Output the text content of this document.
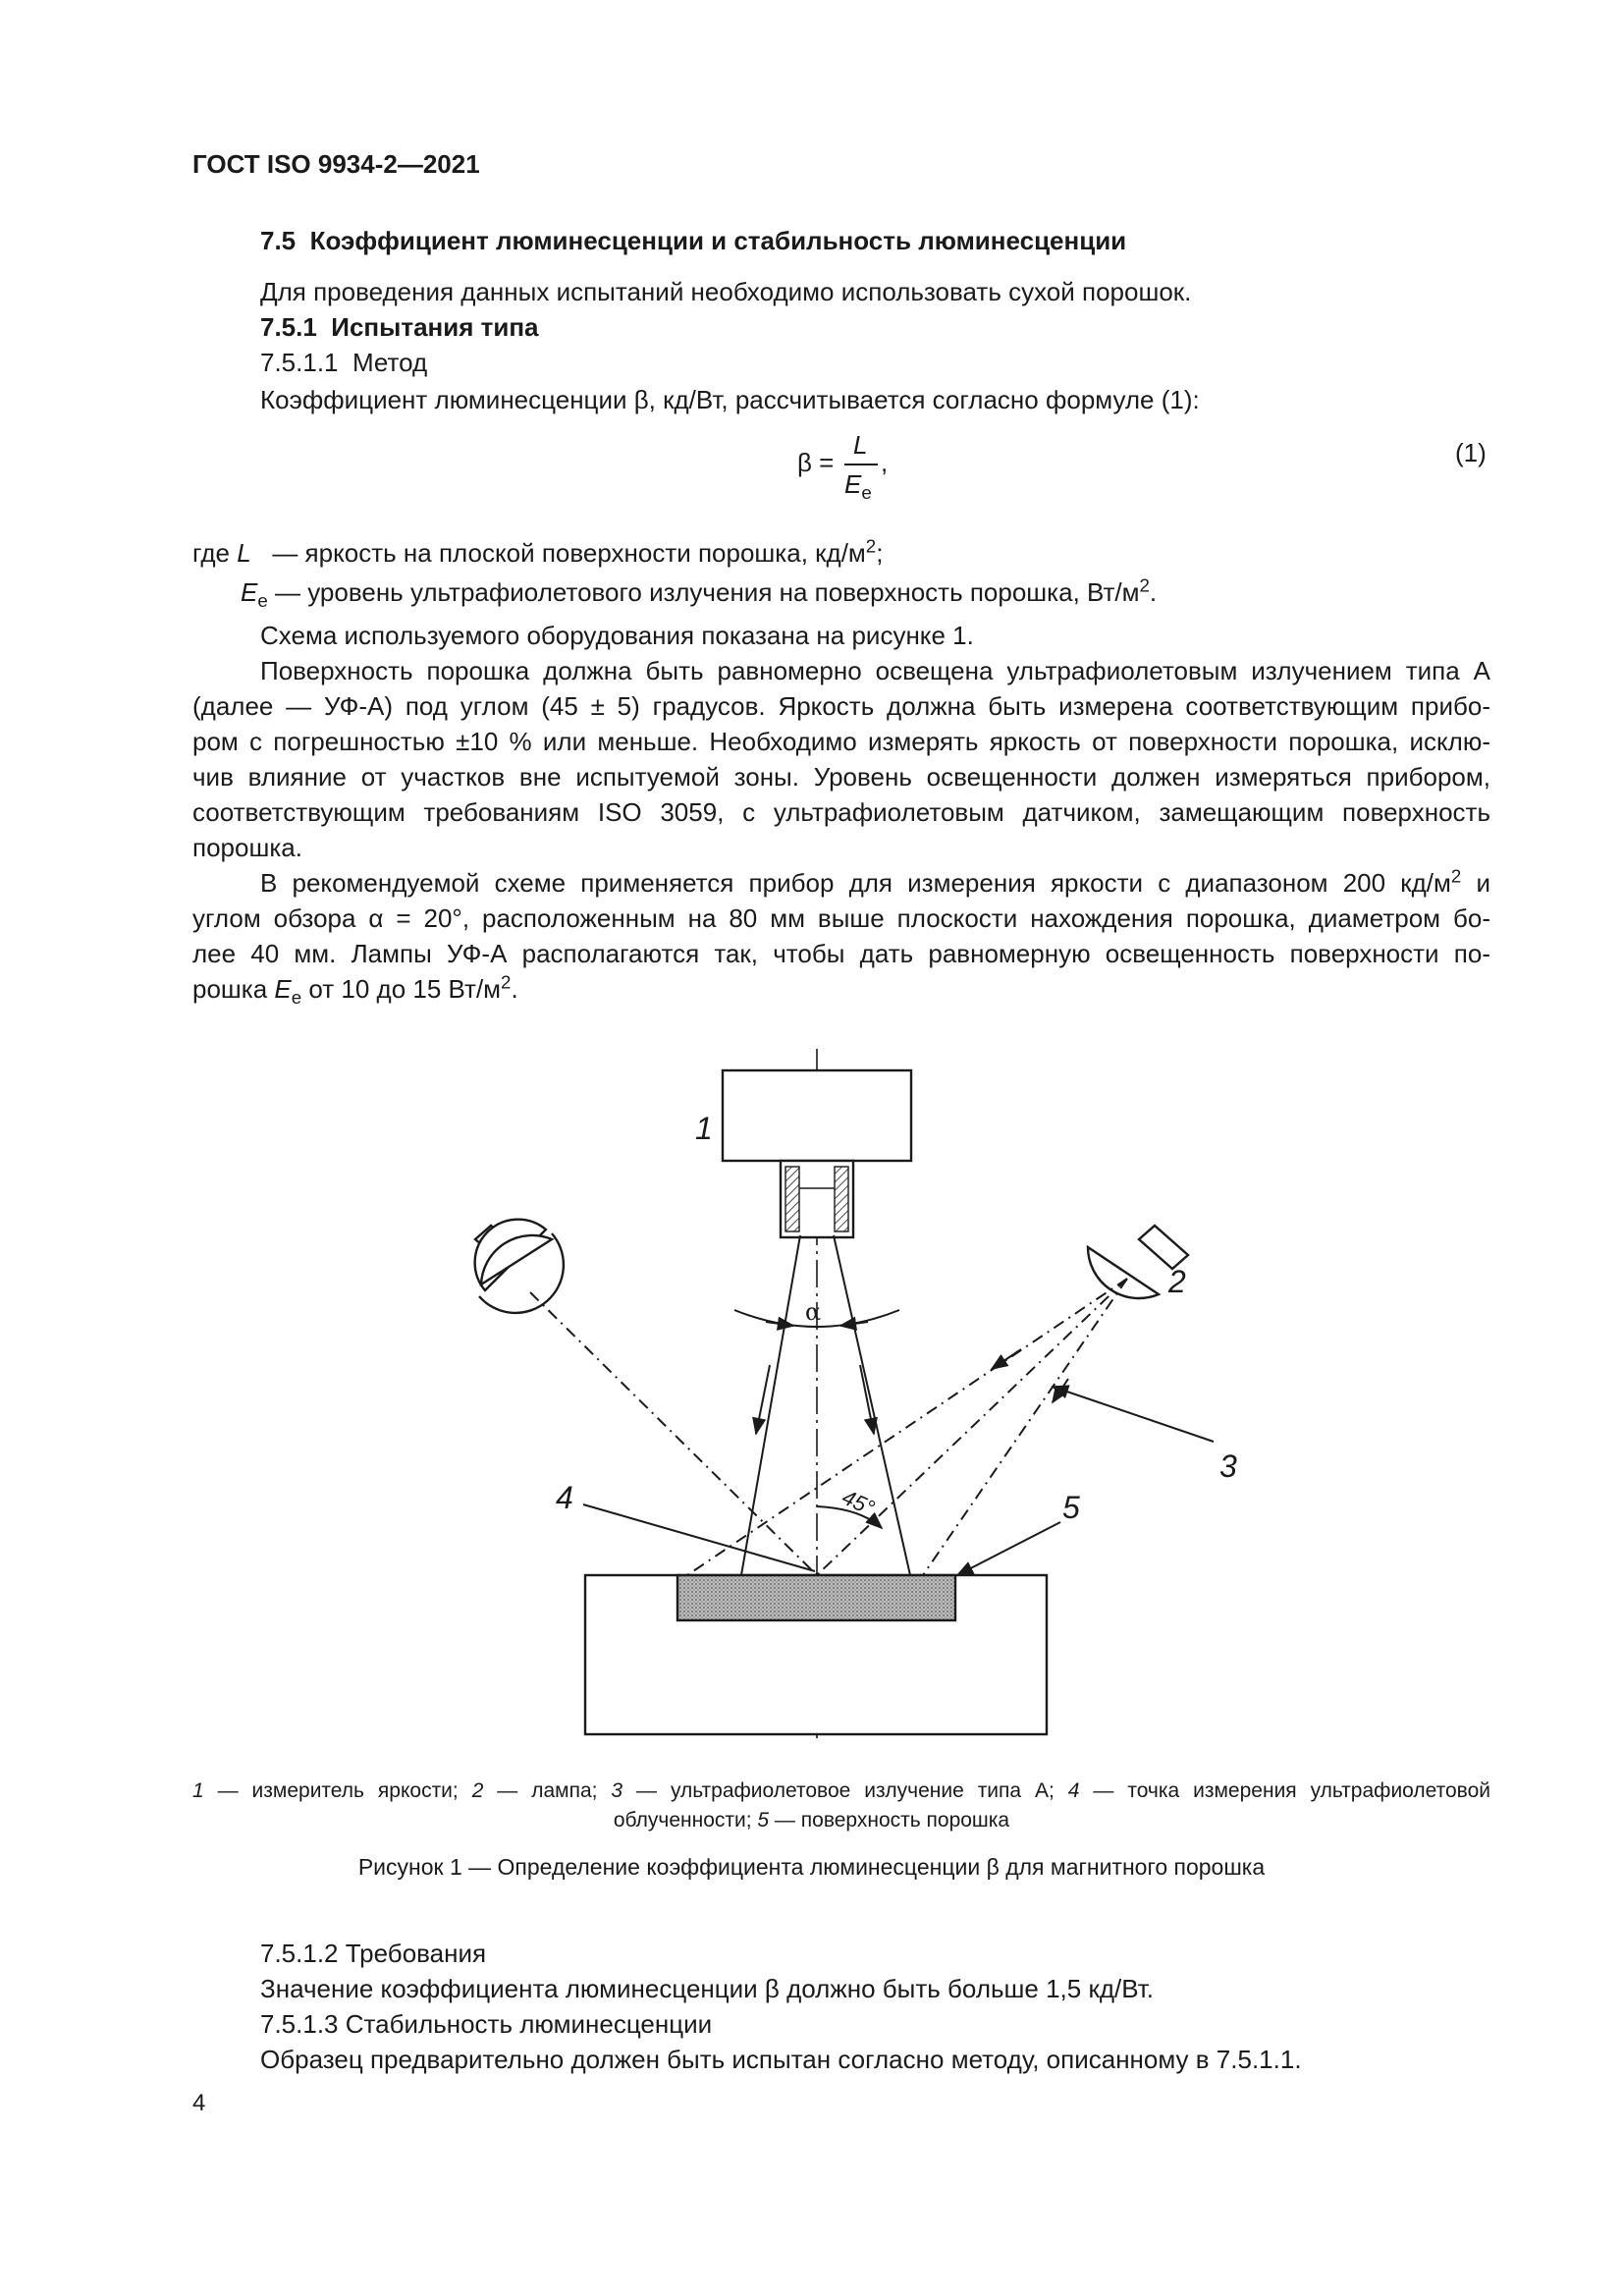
ГОСТ ISO 9934-2—2021

7.5 Коэффициент люминесценции и стабильность люминесценции

Для проведения данных испытаний необходимо использовать сухой порошок.

7.5.1 Испытания типа

7.5.1.1 Метод

Коэффициент люминесценции β, кд/Вт, рассчитывается согласно формуле (1):

β =
L
$E_e$
,	(1)

где L — яркость на плоской поверхности порошка, $кд/м^2$;

$E_e$ — уровень ультрафиолетового излучения на поверхность порошка, $Вт/м^2$.

Схема используемого оборудования показана на рисунке 1.

Поверхность порошка должна быть равномерно освещена ультрафиолетовым излучением типа А

(далее — УФ-А) под углом (45 ± 5) градусов. Яркость должна быть измерена соответствующим прибо-

ром с погрешностью ±10 % или меньше. Необходимо измерять яркость от поверхности порошка, исклю-

чив влияние от участков вне испытуемой зоны. Уровень освещенности должен измеряться прибором,

соответствующим требованиям ISO 3059, с ультрафиолетовым датчиком, замещающим поверхность

порошка.

В рекомендуемой схеме применяется прибор для измерения яркости с диапазоном 200 $кд/м^2$ и

углом обзора α = 20°, расположенным на 80 мм выше плоскости нахождения порошка, диаметром бо-

лее 40 мм. Лампы УФ-А располагаются так, чтобы дать равномерную освещенность поверхности по-

рошка $E_e$ от 10 до 15 $Вт/м^2$.

1
2
3
4	5
α
45°

1 — измеритель яркости; 2 — лампа; 3 — ультрафиолетовое излучение типа А; 4 — точка измерения ультрафиолетовой

облученности; 5 — поверхность порошка

Рисунок 1 — Определение коэффициента люминесценции β для магнитного порошка

7.5.1.2 Требования

Значение коэффициента люминесценции β должно быть больше 1,5 кд/Вт.

7.5.1.3 Стабильность люминесценции

Образец предварительно должен быть испытан согласно методу, описанному в 7.5.1.1.

4
